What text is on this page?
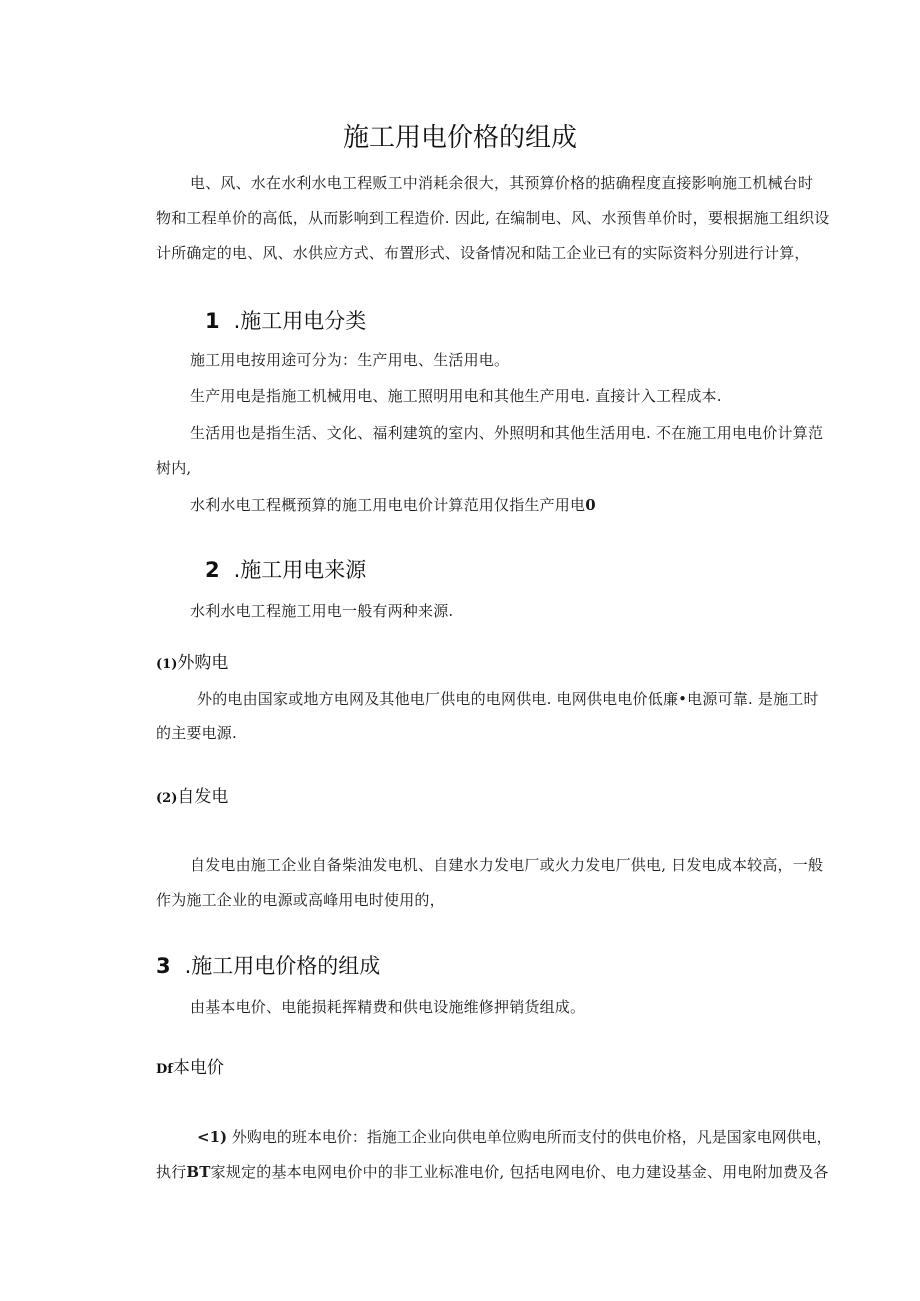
施工用电价格的组成
电、风、水在水利水电工程贩工中消耗余很大，其预算价格的掂确程度直接影响施工机械台时
物和工程单价的高低，从而影响到工程造价. 因此, 在编制电、风、水预售单价时，要根据施工组织设
计所确定的电、风、水供应方式、布置形式、设备情况和陆工企业已有的实际资料分别进行计算，
1 .施工用电分类
施工用电按用途可分为：生产用电、生活用电。
生产用电是指施工机械用电、施工照明用电和其他生产用电. 直接计入工程成本.
生活用也是指生活、文化、福利建筑的室内、外照明和其他生活用电. 不在施工用电电价计算范
树内,
水利水电工程概预算的施工用电电价计算范用仅指生产用电0
2 .施工用电来源
水利水电工程施工用电一般有两种来源.
(1)外购电
外的电由国家或地方电网及其他电厂供电的电网供电. 电网供电电价低廉•电源可靠. 是施工时
的主要电源.
(2)自发电
自发电由施工企业自备柴油发电机、自建水力发电厂或火力发电厂供电, 日发电成本较高，一般
作为施工企业的电源或高峰用电时使用的，
3 .施工用电价格的组成
由基本电价、电能损耗挥精费和供电设施维修押销货组成。
Df本电价
<1) 外购电的班本电价：指施工企业向供电单位购电所而支付的供电价格，凡是国家电网供电，
执行BT家规定的基本电网电价中的非工业标准电价, 包括电网电价、电力建设基金、用电附加费及各
